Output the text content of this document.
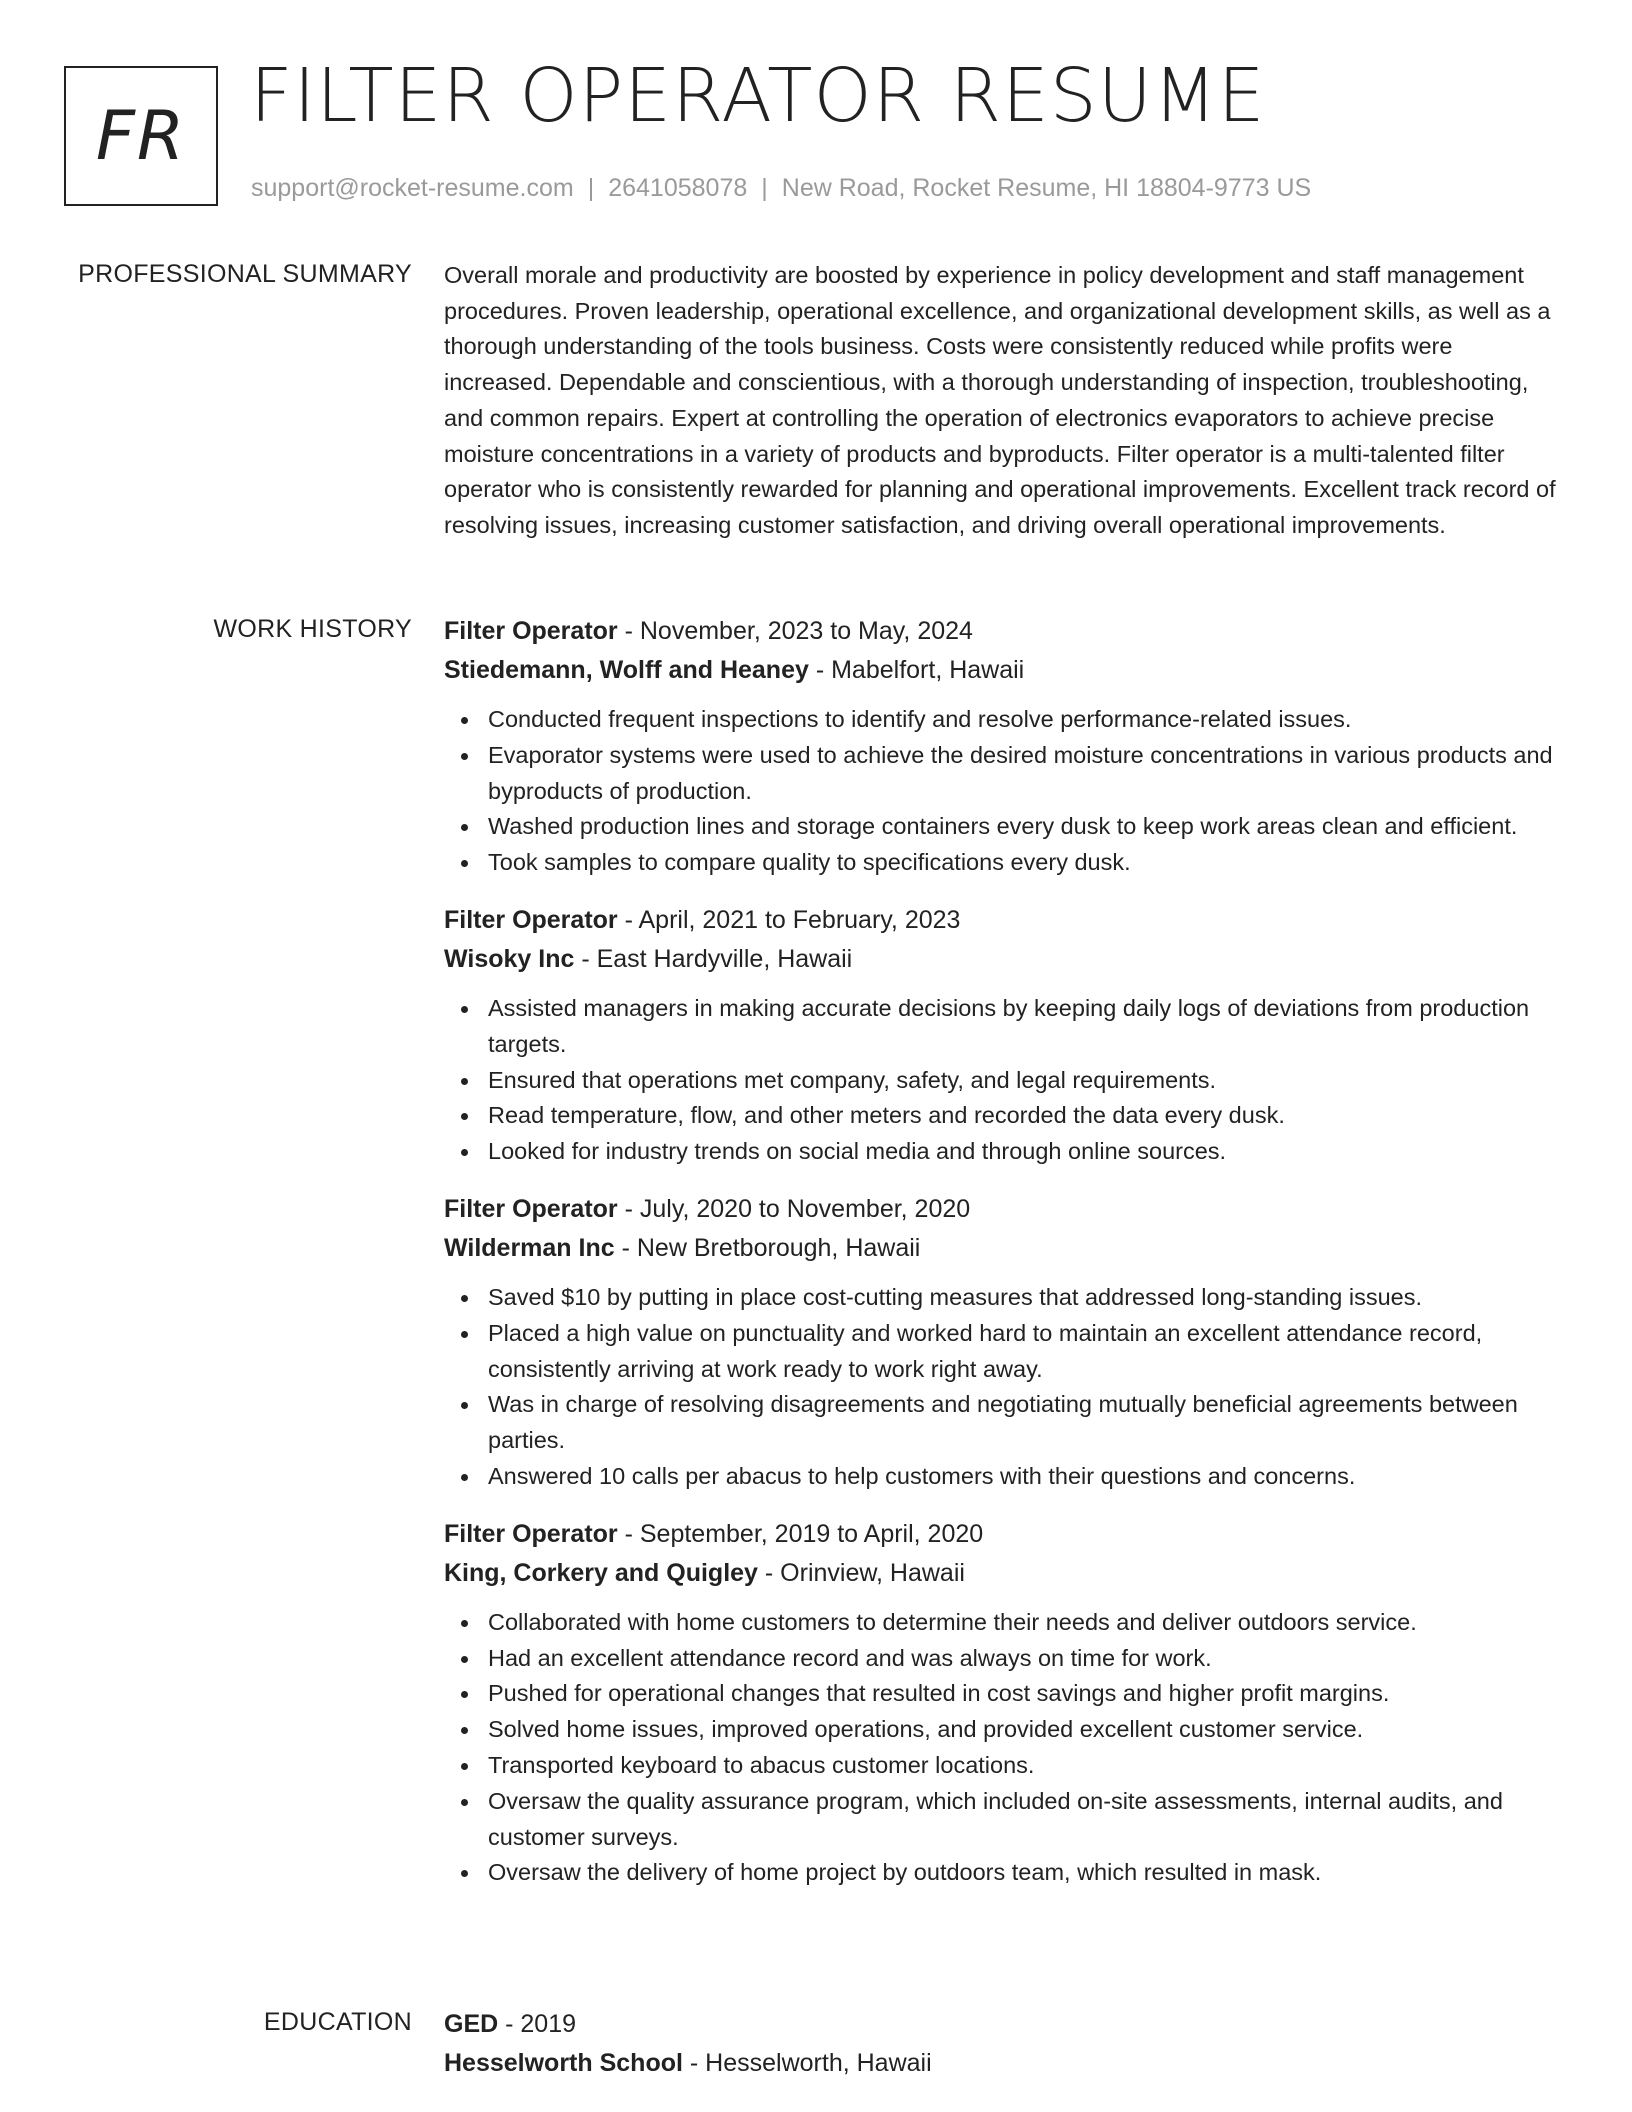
FR FILTER OPERATOR RESUME
support@rocket-resume.com | 2641058078 | New Road, Rocket Resume, HI 18804-9773 US
PROFESSIONAL SUMMARY Overall morale and productivity are boosted by experience in policy development and staff management procedures. Proven leadership, operational excellence, and organizational development skills, as well as a thorough understanding of the tools business. Costs were consistently reduced while profits were increased. Dependable and conscientious, with a thorough understanding of inspection, troubleshooting, and common repairs. Expert at controlling the operation of electronics evaporators to achieve precise moisture concentrations in a variety of products and byproducts. Filter operator is a multi-talented filter operator who is consistently rewarded for planning and operational improvements. Excellent track record of resolving issues, increasing customer satisfaction, and driving overall operational improvements.

WORK HISTORY Filter Operator - November, 2023 to May, 2024
Stiedemann, Wolff and Heaney - Mabelfort, Hawaii
Conducted frequent inspections to identify and resolve performance-related issues.
Evaporator systems were used to achieve the desired moisture concentrations in various products and byproducts of production.
Washed production lines and storage containers every dusk to keep work areas clean and efficient.
Took samples to compare quality to specifications every dusk.
Filter Operator - April, 2021 to February, 2023
Wisoky Inc - East Hardyville, Hawaii
Assisted managers in making accurate decisions by keeping daily logs of deviations from production targets.
Ensured that operations met company, safety, and legal requirements.
Read temperature, flow, and other meters and recorded the data every dusk.
Looked for industry trends on social media and through online sources.
Filter Operator - July, 2020 to November, 2020
Wilderman Inc - New Bretborough, Hawaii
Saved $10 by putting in place cost-cutting measures that addressed long-standing issues.
Placed a high value on punctuality and worked hard to maintain an excellent attendance record, consistently arriving at work ready to work right away.
Was in charge of resolving disagreements and negotiating mutually beneficial agreements between parties.
Answered 10 calls per abacus to help customers with their questions and concerns.
Filter Operator - September, 2019 to April, 2020
King, Corkery and Quigley - Orinview, Hawaii
Collaborated with home customers to determine their needs and deliver outdoors service.
Had an excellent attendance record and was always on time for work.
Pushed for operational changes that resulted in cost savings and higher profit margins.
Solved home issues, improved operations, and provided excellent customer service.
Transported keyboard to abacus customer locations.
Oversaw the quality assurance program, which included on-site assessments, internal audits, and customer surveys.
Oversaw the delivery of home project by outdoors team, which resulted in mask.
EDUCATION GED - 2019
Hesselworth School - Hesselworth, Hawaii
